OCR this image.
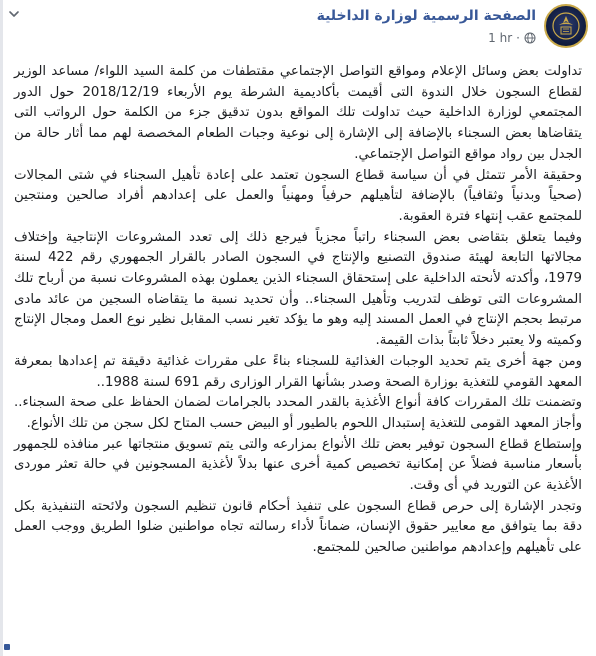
الصفحة الرسمية لوزارة الداخلية
1 hr ·

تداولت بعض وسائل الإعلام ومواقع التواصل الإجتماعي مقتطفات من كلمة السيد اللواء/ مساعد الوزير لقطاع السجون خلال الندوة التى أقيمت بأكاديمية الشرطة يوم الأربعاء 2018/12/19 حول الدور المجتمعي لوزارة الداخلية حيث تداولت تلك المواقع بدون تدقيق جزء من الكلمة حول الرواتب التى يتقاضاها بعض السجناء بالإضافة إلى الإشارة إلى نوعية وجبات الطعام المخصصة لهم مما أثار حالة من الجدل بين رواد مواقع التواصل الإجتماعي.

وحقيقة الأمر تتمثل في أن سياسة قطاع السجون تعتمد على إعادة تأهيل السجناء في شتى المجالات (صحياً وبدنياً وثقافياً) بالإضافة لتأهيلهم حرفياً ومهنياً والعمل على إعدادهم أفراد صالحين ومنتجين للمجتمع عقب إنتهاء فترة العقوبة.

وفيما يتعلق بتقاضى بعض السجناء راتباً مجزياً فيرجع ذلك إلى تعدد المشروعات الإنتاجية وإختلاف مجالاتها التابعة لهيئة صندوق التصنيع والإنتاج في السجون الصادر بالقرار الجمهوري رقم 422 لسنة 1979، وأكدته لأنحته الداخلية على إستحقاق السجناء الذين يعملون بهذه المشروعات نسبة من أرباح تلك المشروعات التى توظف لتدريب وتأهيل السجناء.. وأن تحديد نسبة ما يتقاضاه السجين من عائد مادى مرتبط بحجم الإنتاج في العمل المسند إليه وهو ما يؤكد تغير نسب المقابل نظير نوع العمل ومجال الإنتاج وكميته ولا يعتبر دخلاً ثابتاً بذات القيمة.

ومن جهة أخرى يتم تحديد الوجبات الغذائية للسجناء بناءً على مقررات غذائية دقيقة تم إعدادها بمعرفة المعهد القومي للتغذية بوزارة الصحة وصدر بشأنها القرار الوزارى رقم 691 لسنة 1988..

وتضمنت تلك المقررات كافة أنواع الأغذية بالقدر المحدد بالجرامات لضمان الحفاظ على صحة السجناء.. وأجاز المعهد القومى للتغذية إستبدال اللحوم بالطيور أو البيض حسب المتاح لكل سجن من تلك الأنواع.

وإستطاع قطاع السجون توفير بعض تلك الأنواع بمزارعه والتى يتم تسويق منتجاتها عبر منافذه للجمهور بأسعار مناسبة فضلاً عن إمكانية تخصيص كمية أخرى عنها بدلاً لأغذية المسجونين في حالة تعثر موردى الأغذية عن التوريد في أى وقت.

وتجدر الإشارة إلى حرص قطاع السجون على تنفيذ أحكام قانون تنظيم السجون ولائحته التنفيذية بكل دقة بما يتوافق مع معايير حقوق الإنسان، ضماناً لأداء رسالته تجاه مواطنين ضلوا الطريق ووجب العمل على تأهيلهم وإعدادهم مواطنين صالحين للمجتمع.
